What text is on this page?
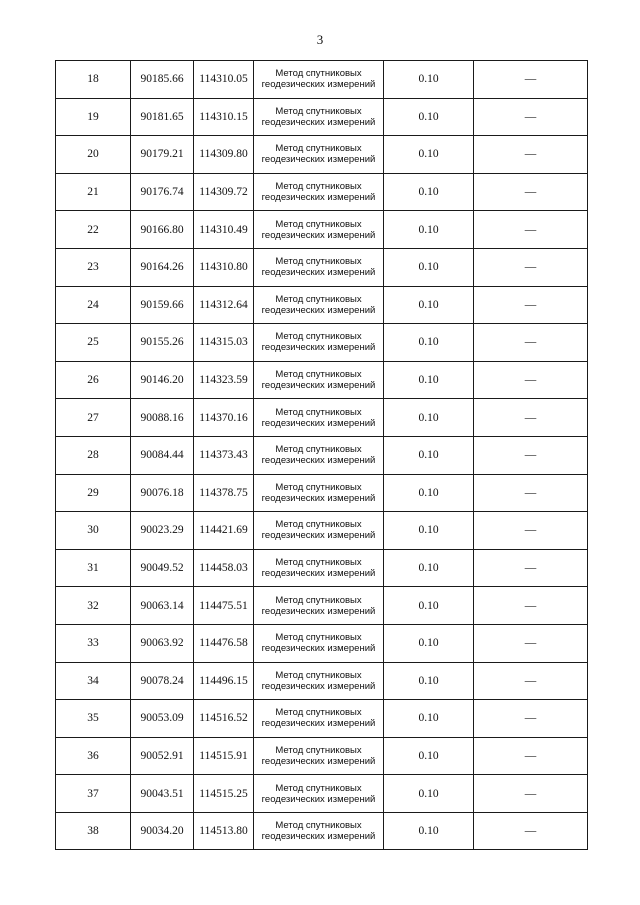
3
18	90185.66	114310.05	Метод спутниковых геодезических измерений	0.10	—
19	90181.65	114310.15	Метод спутниковых геодезических измерений	0.10	—
20	90179.21	114309.80	Метод спутниковых геодезических измерений	0.10	—
21	90176.74	114309.72	Метод спутниковых геодезических измерений	0.10	—
22	90166.80	114310.49	Метод спутниковых геодезических измерений	0.10	—
23	90164.26	114310.80	Метод спутниковых геодезических измерений	0.10	—
24	90159.66	114312.64	Метод спутниковых геодезических измерений	0.10	—
25	90155.26	114315.03	Метод спутниковых геодезических измерений	0.10	—
26	90146.20	114323.59	Метод спутниковых геодезических измерений	0.10	—
27	90088.16	114370.16	Метод спутниковых геодезических измерений	0.10	—
28	90084.44	114373.43	Метод спутниковых геодезических измерений	0.10	—
29	90076.18	114378.75	Метод спутниковых геодезических измерений	0.10	—
30	90023.29	114421.69	Метод спутниковых геодезических измерений	0.10	—
31	90049.52	114458.03	Метод спутниковых геодезических измерений	0.10	—
32	90063.14	114475.51	Метод спутниковых геодезических измерений	0.10	—
33	90063.92	114476.58	Метод спутниковых геодезических измерений	0.10	—
34	90078.24	114496.15	Метод спутниковых геодезических измерений	0.10	—
35	90053.09	114516.52	Метод спутниковых геодезических измерений	0.10	—
36	90052.91	114515.91	Метод спутниковых геодезических измерений	0.10	—
37	90043.51	114515.25	Метод спутниковых геодезических измерений	0.10	—
38	90034.20	114513.80	Метод спутниковых геодезических измерений	0.10	—
